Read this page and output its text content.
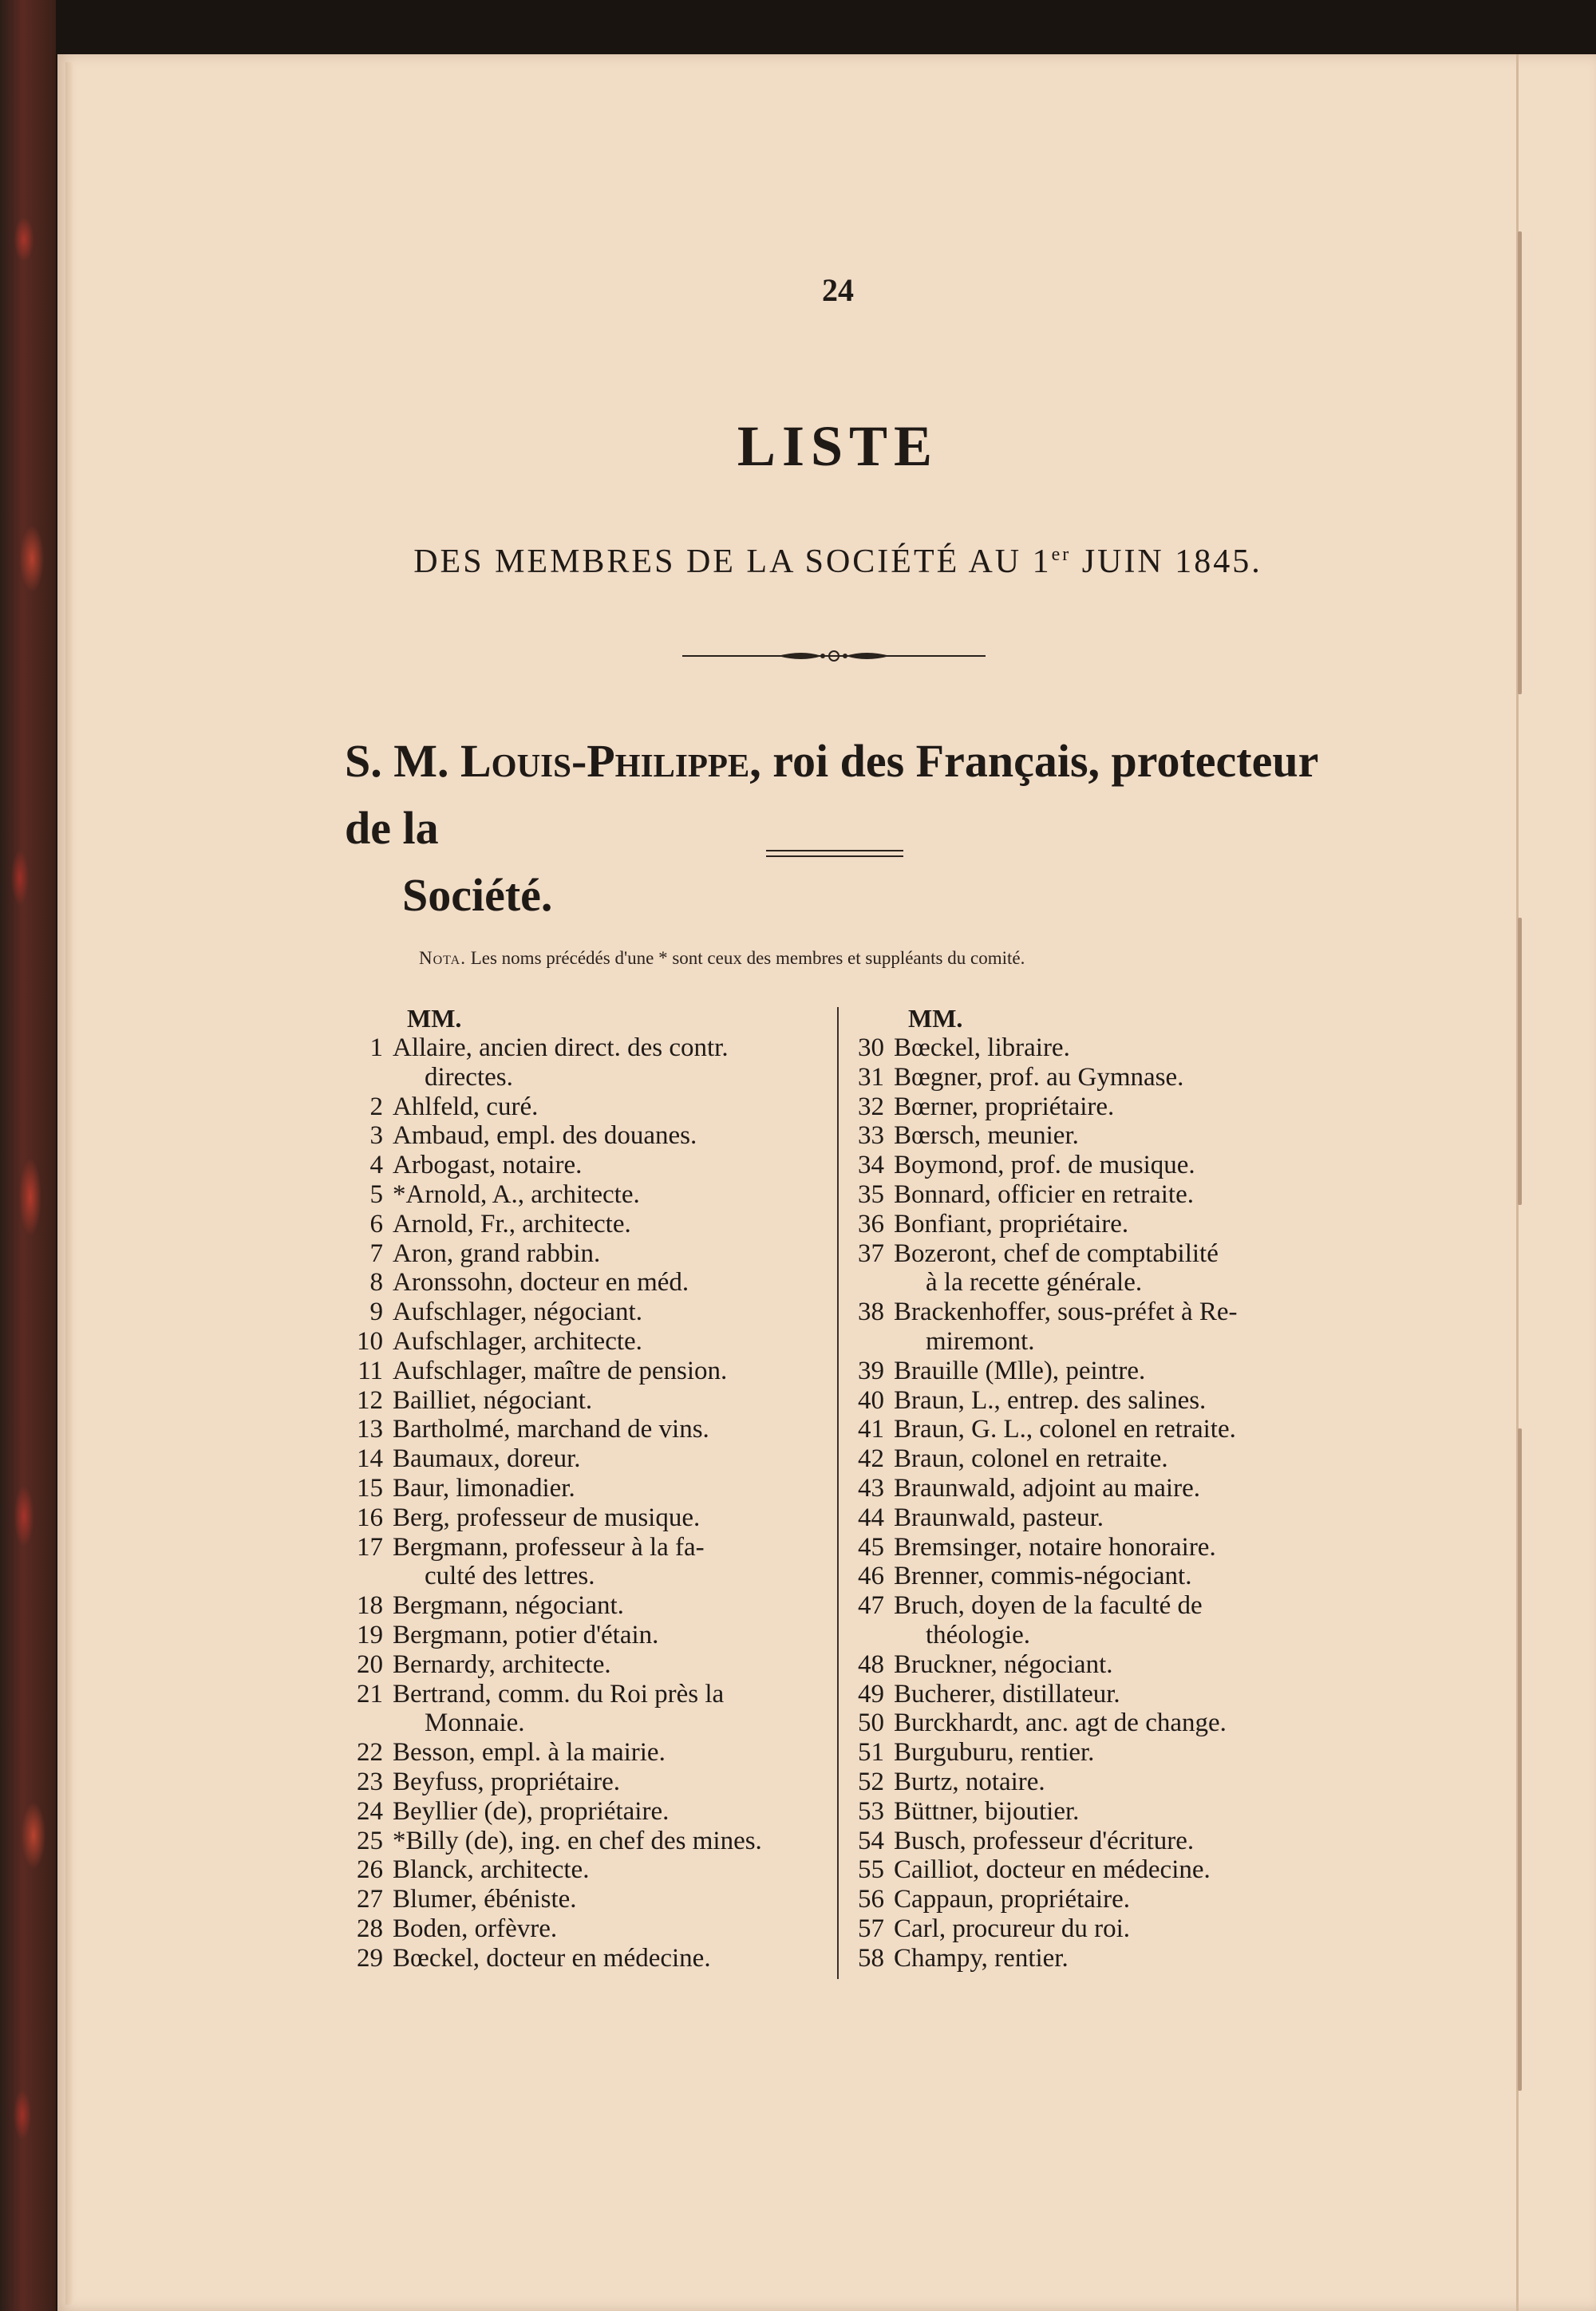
24
LISTE
DES MEMBRES DE LA SOCIÉTÉ AU 1er JUIN 1845.
S. M. Louis-Philippe, roi des Français, protecteur de la
Société.
Nota. Les noms précédés d'une * sont ceux des membres et suppléants du comité.
MM.
1 Allaire, ancien direct. des contr.
directes.
2 Ahlfeld, curé.
3 Ambaud, empl. des douanes.
4 Arbogast, notaire.
5 *Arnold, A., architecte.
6 Arnold, Fr., architecte.
7 Aron, grand rabbin.
8 Aronssohn, docteur en méd.
9 Aufschlager, négociant.
10 Aufschlager, architecte.
11 Aufschlager, maître de pension.
12 Bailliet, négociant.
13 Bartholmé, marchand de vins.
14 Baumaux, doreur.
15 Baur, limonadier.
16 Berg, professeur de musique.
17 Bergmann, professeur à la fa-
culté des lettres.
18 Bergmann, négociant.
19 Bergmann, potier d'étain.
20 Bernardy, architecte.
21 Bertrand, comm. du Roi près la
Monnaie.
22 Besson, empl. à la mairie.
23 Beyfuss, propriétaire.
24 Beyllier (de), propriétaire.
25 *Billy (de), ing. en chef des mines.
26 Blanck, architecte.
27 Blumer, ébéniste.
28 Boden, orfèvre.
29 Bœckel, docteur en médecine.
MM.
30 Bœckel, libraire.
31 Bœgner, prof. au Gymnase.
32 Bœrner, propriétaire.
33 Bœrsch, meunier.
34 Boymond, prof. de musique.
35 Bonnard, officier en retraite.
36 Bonfiant, propriétaire.
37 Bozeront, chef de comptabilité
à la recette générale.
38 Brackenhoffer, sous-préfet à Re-
miremont.
39 Brauille (Mlle), peintre.
40 Braun, L., entrep. des salines.
41 Braun, G. L., colonel en retraite.
42 Braun, colonel en retraite.
43 Braunwald, adjoint au maire.
44 Braunwald, pasteur.
45 Bremsinger, notaire honoraire.
46 Brenner, commis-négociant.
47 Bruch, doyen de la faculté de
théologie.
48 Bruckner, négociant.
49 Bucherer, distillateur.
50 Burckhardt, anc. agt de change.
51 Burguburu, rentier.
52 Burtz, notaire.
53 Büttner, bijoutier.
54 Busch, professeur d'écriture.
55 Cailliot, docteur en médecine.
56 Cappaun, propriétaire.
57 Carl, procureur du roi.
58 Champy, rentier.
